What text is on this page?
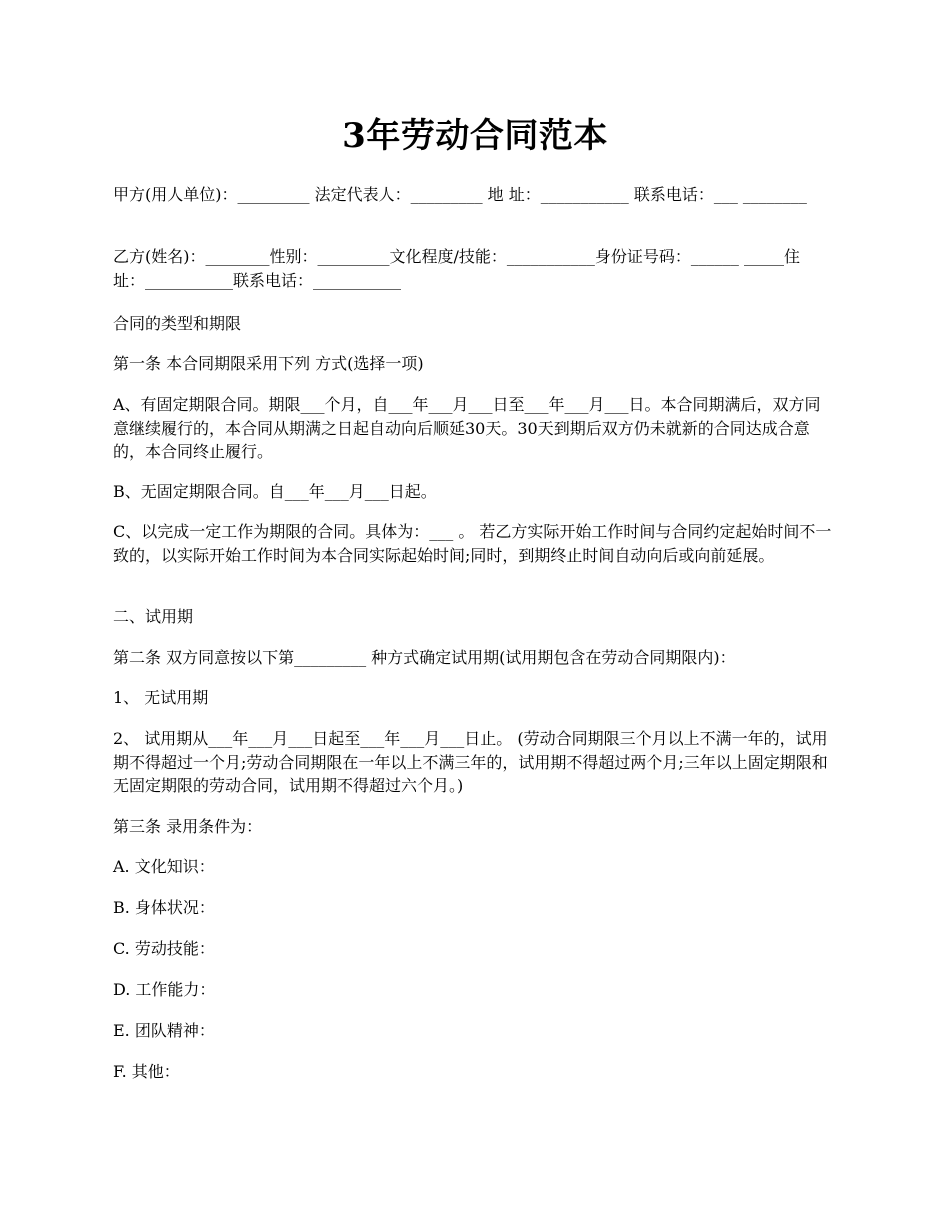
3年劳动合同范本
甲方(用人单位)：_________ 法定代表人：_________ 地 址：___________ 联系电话：___ ________
乙方(姓名)：________性别：_________文化程度/技能：___________身份证号码：______ _____住 址：___________联系电话：___________
合同的类型和期限
第一条 本合同期限采用下列 方式(选择一项)
A、有固定期限合同。期限___个月，自___年___月___日至___年___月___日。本合同期满后，双方同意继续履行的，本合同从期满之日起自动向后顺延30天。30天到期后双方仍未就新的合同达成合意的，本合同终止履行。
B、无固定期限合同。自___年___月___日起。
C、以完成一定工作为期限的合同。具体为：___ 。 若乙方实际开始工作时间与合同约定起始时间不一致的，以实际开始工作时间为本合同实际起始时间;同时，到期终止时间自动向后或向前延展。
二、试用期
第二条 双方同意按以下第_________ 种方式确定试用期(试用期包含在劳动合同期限内)：
1、 无试用期
2、 试用期从___年___月___日起至___年___月___日止。 (劳动合同期限三个月以上不满一年的，试用期不得超过一个月;劳动合同期限在一年以上不满三年的，试用期不得超过两个月;三年以上固定期限和无固定期限的劳动合同，试用期不得超过六个月。)
第三条 录用条件为：
A. 文化知识：
B. 身体状况：
C. 劳动技能：
D. 工作能力：
E. 团队精神：
F. 其他：
